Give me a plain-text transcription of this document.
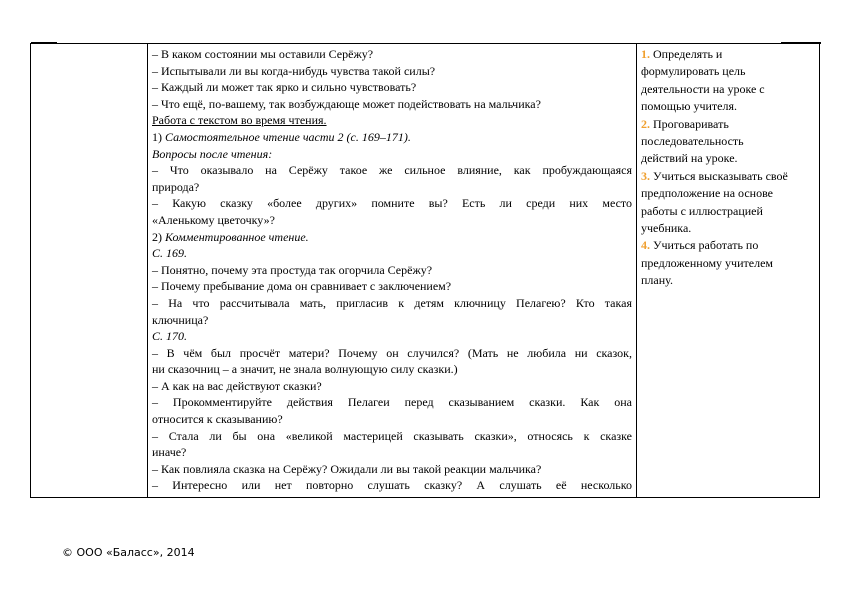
– В каком состоянии мы оставили Серёжу?

– Испытывали ли вы когда-нибудь чувства такой силы?

– Каждый ли может так ярко и сильно чувствовать?

– Что ещё, по-вашему, так возбуждающе может подействовать на мальчика?

Работа с текстом во время чтения.

1) Самостоятельное чтение части 2 (с. 169–171).

Вопросы после чтения:

– Что оказывало на Серёжу такое же сильное влияние, как пробуждающаяся

природа?

– Какую сказку «более других» помните вы? Есть ли среди них место

«Аленькому цветочку»?

2) Комментированное чтение.

С. 169.

– Понятно, почему эта простуда так огорчила Серёжу?

– Почему пребывание дома он сравнивает с заключением?

– На что рассчитывала мать, пригласив к детям ключницу Пелагею? Кто такая

ключница?

С. 170.

– В чём был просчёт матери? Почему он случился? (Мать не любила ни сказок,

ни сказочниц – а значит, не знала волнующую силу сказки.)

– А как на вас действуют сказки?

– Прокомментируйте действия Пелагеи перед сказыванием сказки. Как она

относится к сказыванию?

– Стала ли бы она «великой мастерицей сказывать сказки», относясь к сказке

иначе?

– Как повлияла сказка на Серёжу? Ожидали ли вы такой реакции мальчика?

– Интересно или нет повторно слушать сказку? А слушать её несколько

1. Определять и

формулировать цель

деятельности на уроке с

помощью учителя.

2. Проговаривать

последовательность

действий на уроке.

3. Учиться высказывать своё

предположение на основе

работы с иллюстрацией

учебника.

4. Учиться работать по

предложенному учителем

плану.

© ООО «Баласс», 2014
